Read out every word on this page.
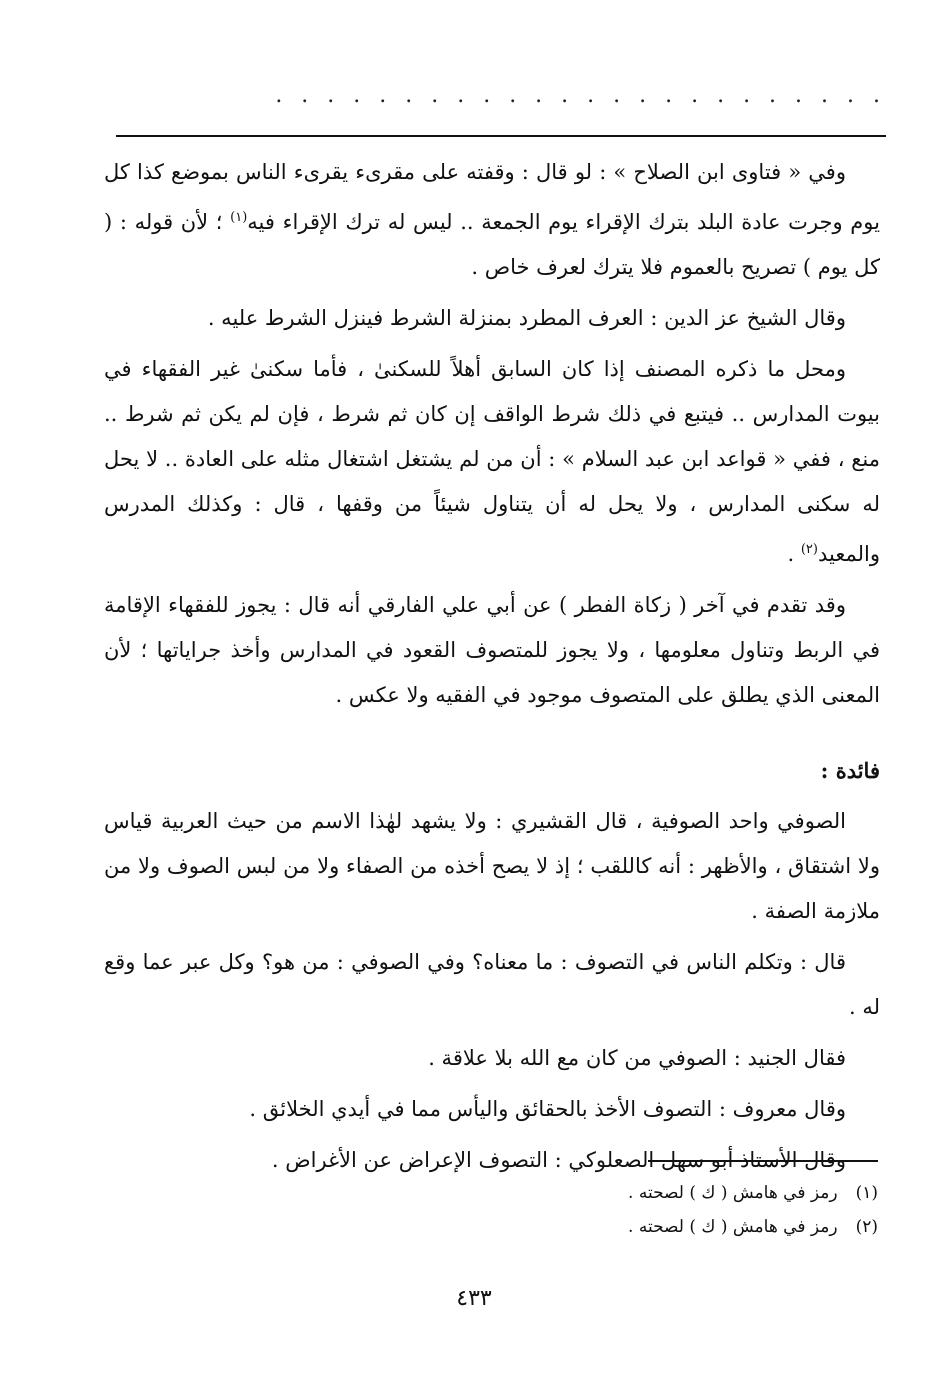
. . . . . . . . . . . . . . . . . . . . . . . .

وفي « فتاوى ابن الصلاح » : لو قال : وقفته على مقرىء يقرىء الناس بموضع كذا كل يوم وجرت عادة البلد بترك الإقراء يوم الجمعة .. ليس له ترك الإقراء فيه$^{(١)}$ ؛ لأن قوله : ( كل يوم ) تصريح بالعموم فلا يترك لعرف خاص .

وقال الشيخ عز الدين : العرف المطرد بمنزلة الشرط فينزل الشرط عليه .

ومحل ما ذكره المصنف إذا كان السابق أهلاً للسكنىٰ ، فأما سكنىٰ غير الفقهاء في بيوت المدارس .. فيتبع في ذلك شرط الواقف إن كان ثم شرط ، فإن لم يكن ثم شرط .. منع ، ففي « قواعد ابن عبد السلام » : أن من لم يشتغل اشتغال مثله على العادة .. لا يحل له سكنى المدارس ، ولا يحل له أن يتناول شيئاً من وقفها ، قال : وكذلك المدرس والمعيد$^{(٢)}$ .

وقد تقدم في آخر ( زكاة الفطر ) عن أبي علي الفارقي أنه قال : يجوز للفقهاء الإقامة في الربط وتناول معلومها ، ولا يجوز للمتصوف القعود في المدارس وأخذ جراياتها ؛ لأن المعنى الذي يطلق على المتصوف موجود في الفقيه ولا عكس .

فائدة :

الصوفي واحد الصوفية ، قال القشيري : ولا يشهد لهٰذا الاسم من حيث العربية قياس ولا اشتقاق ، والأظهر : أنه كاللقب ؛ إذ لا يصح أخذه من الصفاء ولا من لبس الصوف ولا من ملازمة الصفة .

قال : وتكلم الناس في التصوف : ما معناه؟ وفي الصوفي : من هو؟ وكل عبر عما وقع له .

فقال الجنيد : الصوفي من كان مع الله بلا علاقة .

وقال معروف : التصوف الأخذ بالحقائق واليأس مما في أيدي الخلائق .

وقال الأستاذ أبو سهل الصعلوكي : التصوف الإعراض عن الأغراض .

(١)
رمز في هامش ( ك ) لصحته .
(٢)
رمز في هامش ( ك ) لصحته .
٤٣٣
